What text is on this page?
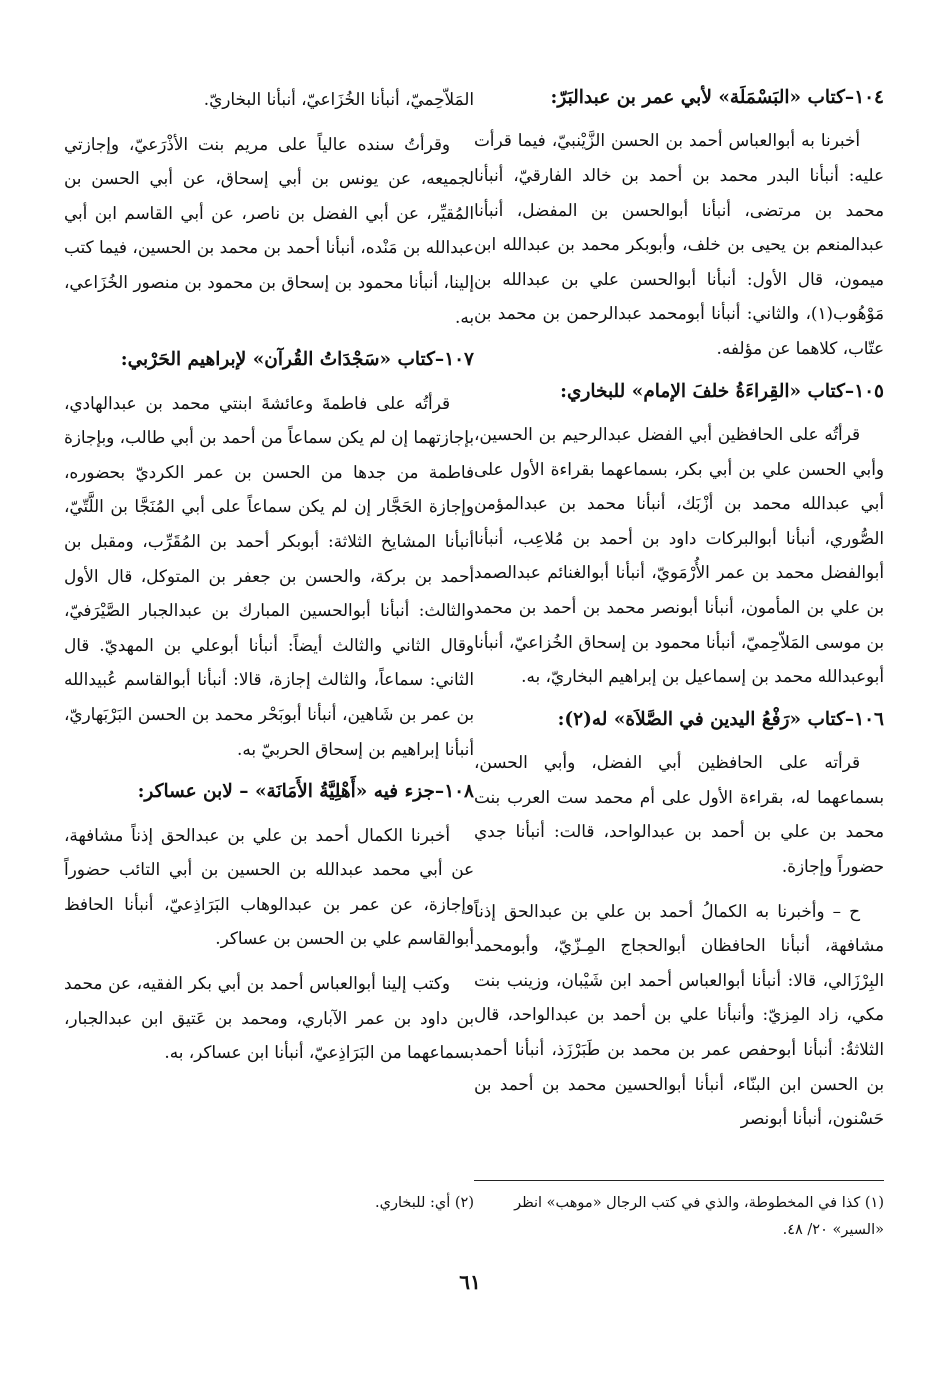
١٠٤–كتاب «البَسْمَلَة» لأبي عمر بن عبدالبَرّ:

أخبرنا به أبوالعباس أحمد بن الحسن الزَّيْنبيّ، فيما قرأت عليه: أنبأنا البدر محمد بن أحمد بن خالد الفارقيّ، أنبأنا محمد بن مرتضى، أنبأنا أبوالحسن بن المفضل، أنبأنا عبدالمنعم بن يحيى بن خلف، وأبوبكر محمد بن عبدالله ابن ميمون، قال الأول: أنبأنا أبوالحسن علي بن عبدالله بن مَوْهُوب(١)، والثاني: أنبأنا أبومحمد عبدالرحمن بن محمد بن عتّاب، كلاهما عن مؤلفه.

١٠٥–كتاب «القِراءَةُ خلفَ الإمام» للبخاري:

قرأتُه على الحافظين أبي الفضل عبدالرحيم بن الحسين، وأبي الحسن علي بن أبي بكر، بسماعهما بقراءة الأول على أبي عبدالله محمد بن أزْبَك، أنبأنا محمد بن عبدالمؤمن الصُّوري، أنبأنا أبوالبركات داود بن أحمد بن مُلاعِب، أنبأنا أبوالفضل محمد بن عمر الأُرْمَويّ، أنبأنا أبوالغنائم عبدالصمد بن علي بن المأمون، أنبأنا أبونصر محمد بن أحمد بن محمد بن موسى المَلاّحِميّ، أنبأنا محمود بن إسحاق الخُزاعيّ، أنبأنا أبوعبدالله محمد بن إسماعيل بن إبراهيم البخاريّ، به.

١٠٦–كتاب «رَفْعُ اليدين في الصَّلاَة» له(٢):

قرأته على الحافظين أبي الفضل، وأبي الحسن، بسماعهما له، بقراءة الأول على أم محمد ست العرب بنت محمد بن علي بن أحمد بن عبدالواحد، قالت: أنبأنا جدي حضوراً وإجازة.

ح – وأخبرنا به الكمالُ أحمد بن علي بن عبدالحق إذناً مشافهة، أنبأنا الحافظان أبوالحجاج المِـزّيّ، وأبومحمد البِرْزَالي، قالا: أنبأنا أبوالعباس أحمد ابن شَيْبان، وزينب بنت مكي، زاد المِزيّ: وأنبأنا علي بن أحمد بن عبدالواحد، قال الثلاثةُ: أنبأنا أبوحفص عمر بن محمد بن طَبَرْزَذ، أنبأنا أحمد بن الحسن ابن البنّاء، أنبأنا أبوالحسين محمد بن أحمد بن حَسْنون، أنبأنا أبونصر

المَلاّحِميّ، أنبأنا الخُزَاعيّ، أنبأنا البخاريّ.

وقرأتُ سنده عالياً على مريم بنت الأذْرَعيّ، وإجازتي لجميعه، عن يونس بن أبي إسحاق، عن أبي الحسن بن المُقيِّر، عن أبي الفضل بن ناصر، عن أبي القاسم ابن أبي عبدالله بن مَنْده، أنبأنا أحمد بن محمد بن الحسين، فيما كتب إلينا، أنبأنا محمود بن إسحاق بن محمود بن منصور الخُزَاعي، به.

١٠٧–كتاب «سَجْدَاتُ القُرآن» لإبراهيم الحَرْبي:

قرأتُه على فاطمةَ وعائشةَ ابنتي محمد بن عبدالهادي، بإجازتهما إن لم يكن سماعاً من أحمد بن أبي طالب، وبإجازة فاطمة من جدها من الحسن بن عمر الكرديّ بحضوره، وإجازة الحَجَّار إن لم يكن سماعاً على أبي المُنَجَّا بن اللَّتّيّ، أنبأنا المشايخ الثلاثة: أبوبكر أحمد بن المُقَرِّب، ومقبل بن أحمد بن بركة، والحسن بن جعفر بن المتوكل، قال الأول والثالث: أنبأنا أبوالحسين المبارك بن عبدالجبار الصَّيْرَفيّ، وقال الثاني والثالث أيضاً: أنبأنا أبوعلي بن المهديّ. قال الثاني: سماعاً، والثالث إجازة، قالا: أنبأنا أبوالقاسم عُبيدالله بن عمر بن شَاهين، أنبأنا أبوبَحْر محمد بن الحسن البَرْبَهاريّ، أنبأنا إبراهيم بن إسحاق الحربيّ به.

١٠٨–جزء فيه «أَهْلِيَّةُ الأَمَانَة» – لابن عساكر:

أخبرنا الكمال أحمد بن علي بن عبدالحق إذناً مشافهة، عن أبي محمد عبدالله بن الحسين بن أبي التائب حضوراً وإجازة، عن عمر بن عبدالوهاب البَرَاذِعيّ، أنبأنا الحافظ أبوالقاسم علي بن الحسن بن عساكر.

وكتب إلينا أبوالعباس أحمد بن أبي بكر الفقيه، عن محمد بن داود بن عمر الآباري، ومحمد بن عَتيق ابن عبدالجبار، بسماعهما من البَرَاذِعيّ، أنبأنا ابن عساكر، به.

(١) كذا في المخطوطة، والذي في كتب الرجال «موهب» انظر «السير» ٢٠/ ٤٨.
(٢) أي: للبخاري.
٦١
